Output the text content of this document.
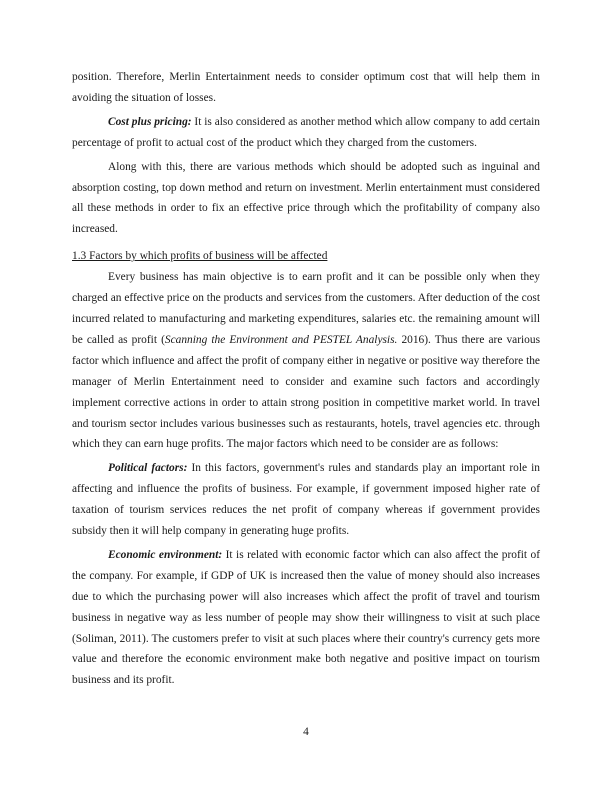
position. Therefore, Merlin Entertainment needs to consider optimum cost that will help them in avoiding the situation of losses.

Cost plus pricing: It is also considered as another method which allow company to add certain percentage of profit to actual cost of the product which they charged from the customers.

Along with this, there are various methods which should be adopted such as inguinal and absorption costing, top down method and return on investment. Merlin entertainment must considered all these methods in order to fix an effective price through which the profitability of company also increased.

1.3 Factors by which profits of business will be affected

Every business has main objective is to earn profit and it can be possible only when they charged an effective price on the products and services from the customers. After deduction of the cost incurred related to manufacturing and marketing expenditures, salaries etc. the remaining amount will be called as profit (Scanning the Environment and PESTEL Analysis. 2016). Thus there are various factor which influence and affect the profit of company either in negative or positive way therefore the manager of Merlin Entertainment need to consider and examine such factors and accordingly implement corrective actions in order to attain strong position in competitive market world. In travel and tourism sector includes various businesses such as restaurants, hotels, travel agencies etc. through which they can earn huge profits. The major factors which need to be consider are as follows:

Political factors: In this factors, government's rules and standards play an important role in affecting and influence the profits of business. For example, if government imposed higher rate of taxation of tourism services reduces the net profit of company whereas if government provides subsidy then it will help company in generating huge profits.

Economic environment: It is related with economic factor which can also affect the profit of the company. For example, if GDP of UK is increased then the value of money should also increases due to which the purchasing power will also increases which affect the profit of travel and tourism business in negative way as less number of people may show their willingness to visit at such place (Soliman, 2011). The customers prefer to visit at such places where their country's currency gets more value and therefore the economic environment make both negative and positive impact on tourism business and its profit.

4
